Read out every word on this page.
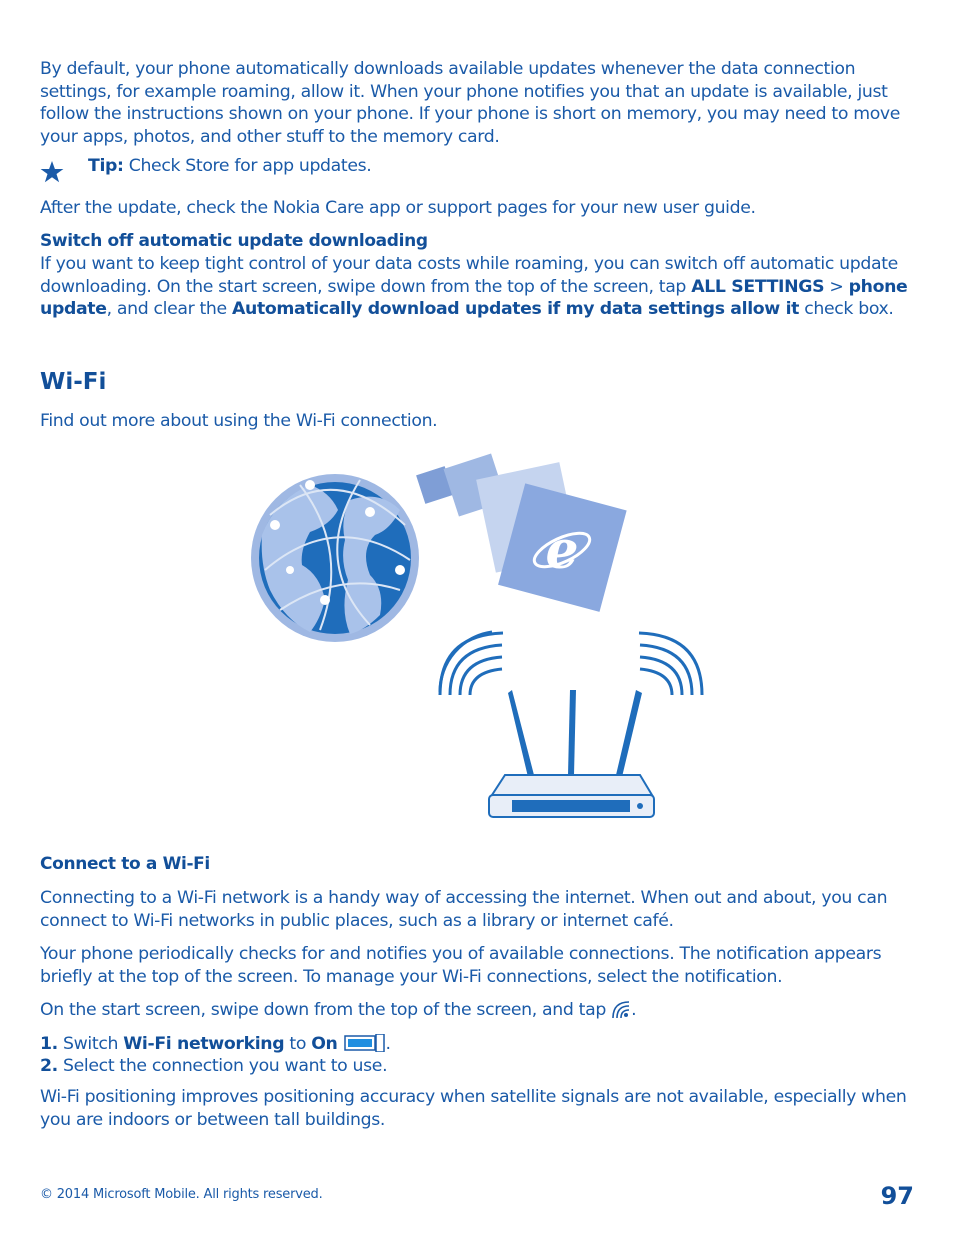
By default, your phone automatically downloads available updates whenever the data connection settings, for example roaming, allow it. When your phone notifies you that an update is available, just follow the instructions shown on your phone. If your phone is short on memory, you may need to move your apps, photos, and other stuff to the memory card.

Tip: Check Store for app updates.

After the update, check the Nokia Care app or support pages for your new user guide.

Switch off automatic update downloading

If you want to keep tight control of your data costs while roaming, you can switch off automatic update downloading. On the start screen, swipe down from the top of the screen, tap ALL SETTINGS > phone update, and clear the Automatically download updates if my data settings allow it check box.

Wi-Fi

Find out more about using the Wi-Fi connection.

e
Connect to a Wi-Fi

Connecting to a Wi-Fi network is a handy way of accessing the internet. When out and about, you can connect to Wi-Fi networks in public places, such as a library or internet café.

Your phone periodically checks for and notifies you of available connections. The notification appears briefly at the top of the screen. To manage your Wi-Fi connections, select the notification.

On the start screen, swipe down from the top of the screen, and tap .

1. Switch Wi-Fi networking to On	.

2. Select the connection you want to use.

Wi-Fi positioning improves positioning accuracy when satellite signals are not available, especially when you are indoors or between tall buildings.

© 2014 Microsoft Mobile. All rights reserved.	97
